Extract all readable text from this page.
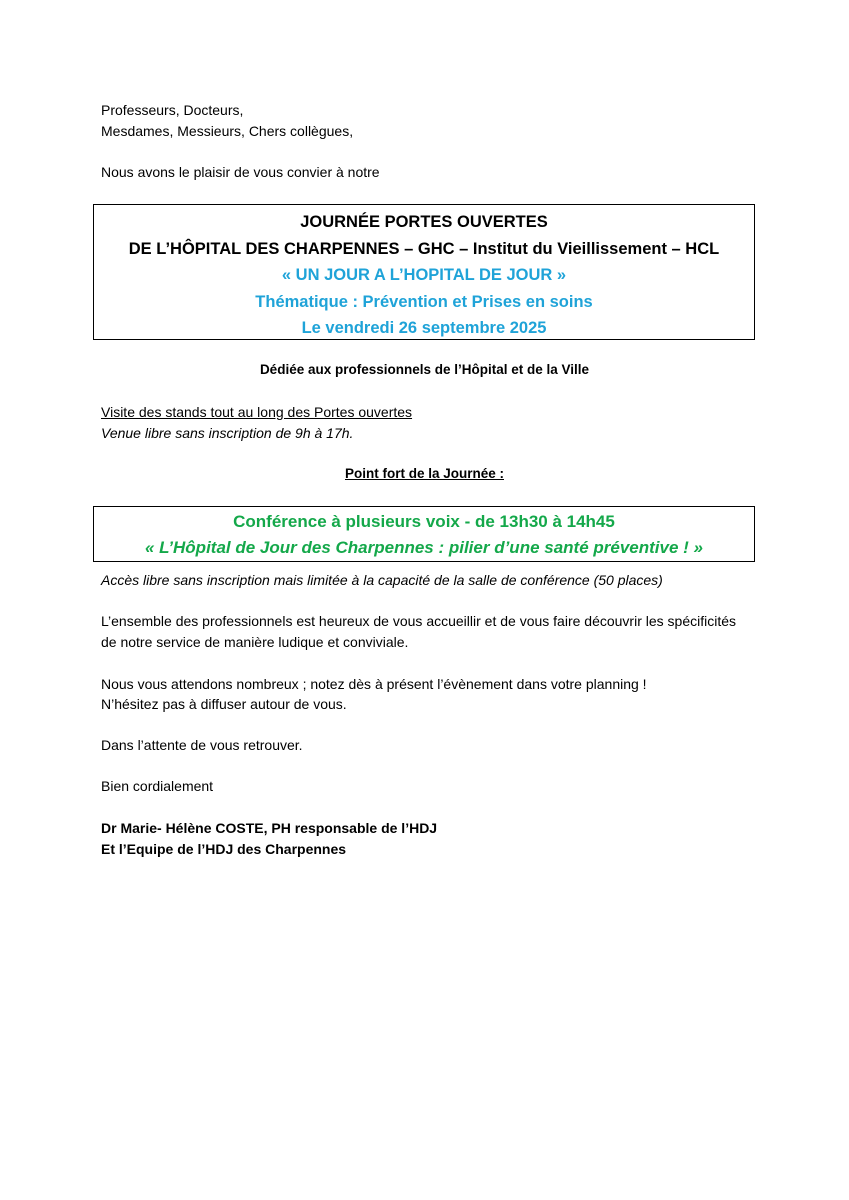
Professeurs, Docteurs,
Mesdames, Messieurs, Chers collègues,
Nous avons le plaisir de vous convier à notre
JOURNÉE PORTES OUVERTES
DE L’HÔPITAL DES CHARPENNES – GHC – Institut du Vieillissement – HCL
« UN JOUR A L’HOPITAL DE JOUR »
Thématique : Prévention et Prises en soins
Le vendredi 26 septembre 2025
Dédiée aux professionnels de l’Hôpital et de la Ville
Visite des stands tout au long des Portes ouvertes
Venue libre sans inscription de 9h à 17h.
Point fort de la Journée :
Conférence à plusieurs voix - de 13h30 à 14h45
« L’Hôpital de Jour des Charpennes : pilier d’une santé préventive ! »
Accès libre sans inscription mais limitée à la capacité de la salle de conférence (50 places)
L’ensemble des professionnels est heureux de vous accueillir et de vous faire découvrir les spécificités
de notre service de manière ludique et conviviale.
Nous vous attendons nombreux ; notez dès à présent l’évènement dans votre planning !
N’hésitez pas à diffuser autour de vous.
Dans l’attente de vous retrouver.
Bien cordialement
Dr Marie- Hélène COSTE, PH responsable de l’HDJ
Et l’Equipe de l’HDJ des Charpennes
